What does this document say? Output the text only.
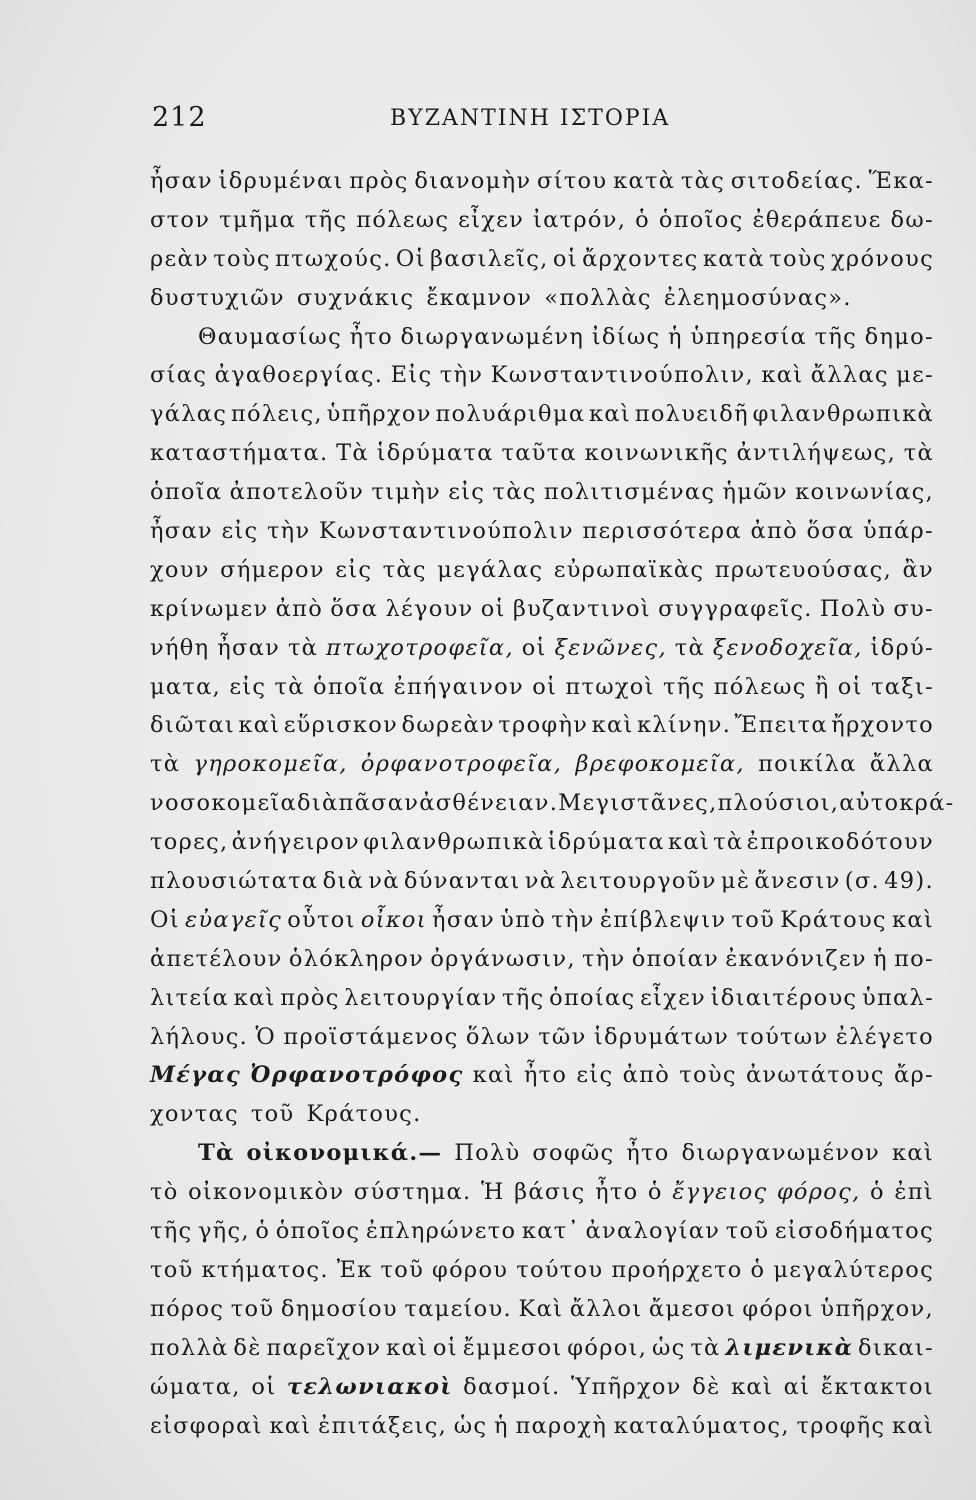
212	ΒΥΖΑΝΤΙΝΗ ΙΣΤΟΡΙΑ
ἦσαν ἱδρυμέναι πρὸς διανομὴν σίτου κατὰ τὰς σιτοδείας. Ἕκα-
στον τμῆμα τῆς πόλεως εἶχεν ἰατρόν, ὁ ὁποῖος ἐθεράπευε δω-
ρεὰν τοὺς πτωχούς. Οἱ βασιλεῖς, οἱ ἄρχοντες κατὰ τοὺς χρόνους
δυστυχιῶν συχνάκις ἔκαμνον «πολλὰς ἐλεημοσύνας».
Θαυμασίως ἦτο διωργανωμένη ἰδίως ἡ ὑπηρεσία τῆς δημο-
σίας ἀγαθοεργίας. Εἰς τὴν Κωνσταντινούπολιν, καὶ ἄλλας με-
γάλας πόλεις, ὑπῆρχον πολυάριθμα καὶ πολυειδῆ φιλανθρωπικὰ
καταστήματα. Τὰ ἱδρύματα ταῦτα κοινωνικῆς ἀντιλήψεως, τὰ
ὁποῖα ἀποτελοῦν τιμὴν εἰς τὰς πολιτισμένας ἡμῶν κοινωνίας,
ἦσαν εἰς τὴν Κωνσταντινούπολιν περισσότερα ἀπὸ ὅσα ὑπάρ-
χουν σήμερον εἰς τὰς μεγάλας εὐρωπαϊκὰς πρωτευούσας, ἂν
κρίνωμεν ἀπὸ ὅσα λέγουν οἱ βυζαντινοὶ συγγραφεῖς. Πολὺ συ-
νήθη ἦσαν τὰ πτωχοτροφεῖα, οἱ ξενῶνες, τὰ ξενοδοχεῖα, ἱδρύ-
ματα, εἰς τὰ ὁποῖα ἐπήγαινον οἱ πτωχοὶ τῆς πόλεως ἢ οἱ ταξι-
διῶται καὶ εὕρισκον δωρεὰν τροφὴν καὶ κλίνην. Ἔπειτα ἤρχοντο
τὰ γηροκομεῖα, ὀρφανοτροφεῖα, βρεφοκομεῖα, ποικίλα ἄλλα
νοσοκομεῖα διὰ πᾶσαν ἀσθένειαν. Μεγιστᾶνες, πλούσιοι, αὐτοκρά-
τορες, ἀνήγειρον φιλανθρωπικὰ ἱδρύματα καὶ τὰ ἐπροικοδότουν
πλουσιώτατα διὰ νὰ δύνανται νὰ λειτουργοῦν μὲ ἄνεσιν (σ. 49).
Οἱ εὐαγεῖς οὗτοι οἶκοι ἦσαν ὑπὸ τὴν ἐπίβλεψιν τοῦ Κράτους καὶ
ἀπετέλουν ὁλόκληρον ὀργάνωσιν, τὴν ὁποίαν ἐκανόνιζεν ἡ πο-
λιτεία καὶ πρὸς λειτουργίαν τῆς ὁποίας εἶχεν ἰδιαιτέρους ὑπαλ-
λήλους. Ὁ προϊστάμενος ὅλων τῶν ἱδρυμάτων τούτων ἐλέγετο
Μέγας Ὀρφανοτρόφος καὶ ἦτο εἰς ἀπὸ τοὺς ἀνωτάτους ἄρ-
χοντας τοῦ Κράτους.
Τὰ οἰκονομικά.— Πολὺ σοφῶς ἦτο διωργανωμένον καὶ
τὸ οἰκονομικὸν σύστημα. Ἡ βάσις ἦτο ὁ ἔγγειος φόρος, ὁ ἐπὶ
τῆς γῆς, ὁ ὁποῖος ἐπληρώνετο κατ᾿ ἀναλογίαν τοῦ εἰσοδήματος
τοῦ κτήματος. Ἐκ τοῦ φόρου τούτου προήρχετο ὁ μεγαλύτερος
πόρος τοῦ δημοσίου ταμείου. Καὶ ἄλλοι ἄμεσοι φόροι ὑπῆρχον,
πολλὰ δὲ παρεῖχον καὶ οἱ ἔμμεσοι φόροι, ὡς τὰ λιμενικὰ δικαι-
ώματα, οἱ τελωνιακοὶ δασμοί. Ὑπῆρχον δὲ καὶ αἱ ἔκτακτοι
εἰσφοραὶ καὶ ἐπιτάξεις, ὡς ἡ παροχὴ καταλύματος, τροφῆς καὶ
